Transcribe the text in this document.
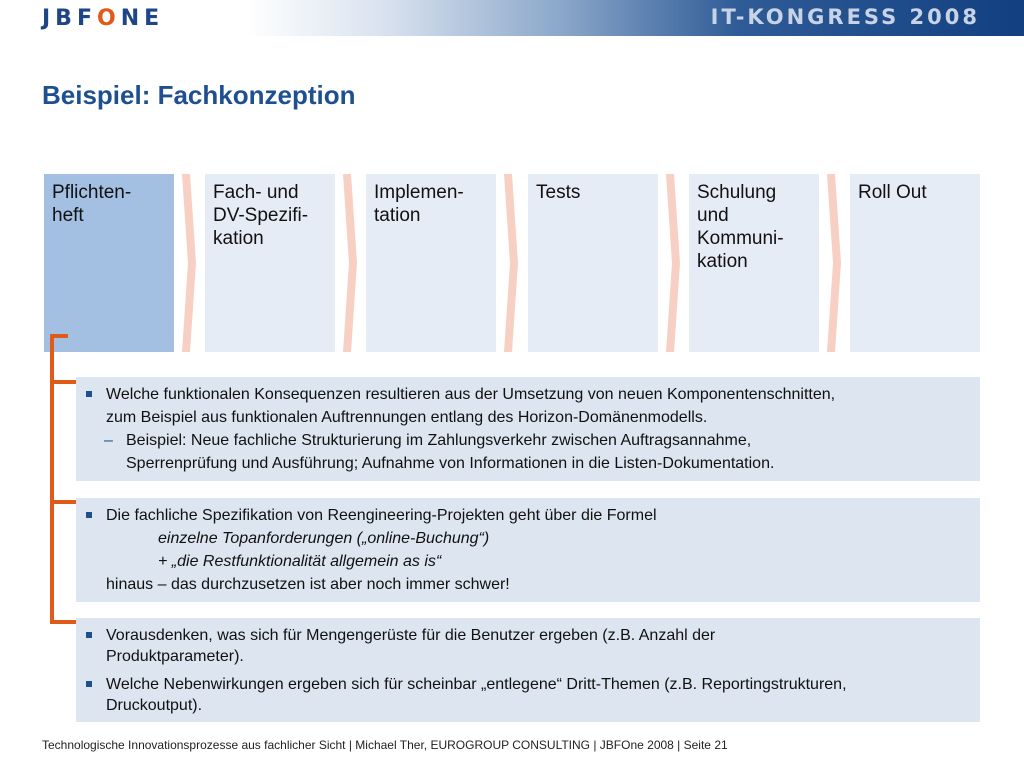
JBFONE	IT-KONGRESS 2008
Beispiel: Fachkonzeption
Pflichten-
heft
Fach- und
DV-Spezifi-
kation
Implemen-
tation
Tests	Schulung
und
Kommuni-
kation
Roll Out
Welche funktionalen Konsequenzen resultieren aus der Umsetzung von neuen Komponentenschnitten,
zum Beispiel aus funktionalen Auftrennungen entlang des Horizon-Domänenmodells.
– Beispiel: Neue fachliche Strukturierung im Zahlungsverkehr zwischen Auftragsannahme,
Sperrenprüfung und Ausführung; Aufnahme von Informationen in die Listen-Dokumentation.
Die fachliche Spezifikation von Reengineering-Projekten geht über die Formel
einzelne Topanforderungen („online-Buchung“)
+ „die Restfunktionalität allgemein as is“
hinaus – das durchzusetzen ist aber noch immer schwer!
Vorausdenken, was sich für Mengengerüste für die Benutzer ergeben (z.B. Anzahl der
Produktparameter).
Welche Nebenwirkungen ergeben sich für scheinbar „entlegene“ Dritt-Themen (z.B. Reportingstrukturen,
Druckoutput).
Technologische Innovationsprozesse aus fachlicher Sicht | Michael Ther, EUROGROUP CONSULTING | JBFOne 2008 | Seite 21
